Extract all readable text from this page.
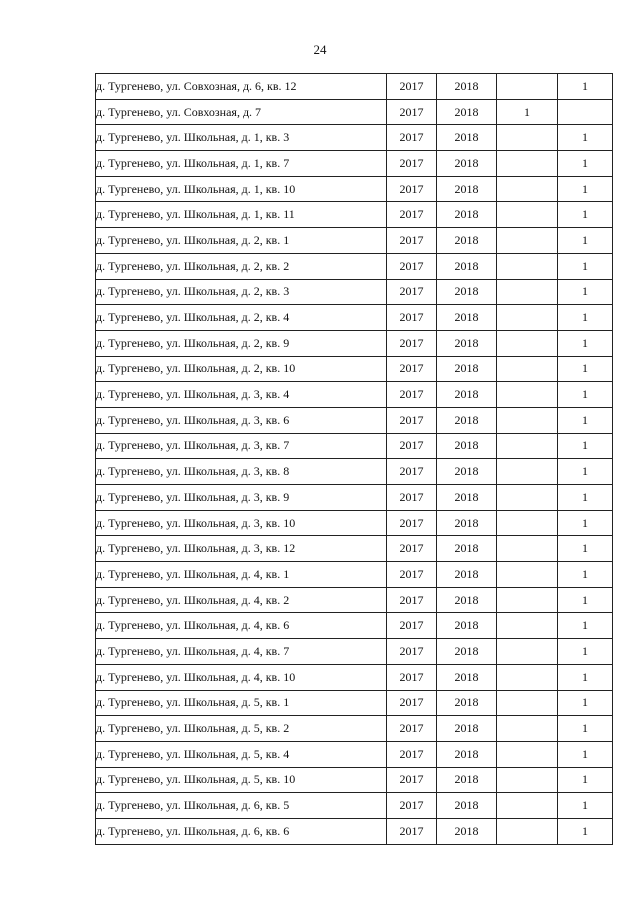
24
д. Тургенево, ул. Совхозная, д. 6, кв. 12	2017	2018		1
д. Тургенево, ул. Совхозная, д. 7	2017	2018	1	
д. Тургенево, ул. Школьная, д. 1, кв. 3	2017	2018		1
д. Тургенево, ул. Школьная, д. 1, кв. 7	2017	2018		1
д. Тургенево, ул. Школьная, д. 1, кв. 10	2017	2018		1
д. Тургенево, ул. Школьная, д. 1, кв. 11	2017	2018		1
д. Тургенево, ул. Школьная, д. 2, кв. 1	2017	2018		1
д. Тургенево, ул. Школьная, д. 2, кв. 2	2017	2018		1
д. Тургенево, ул. Школьная, д. 2, кв. 3	2017	2018		1
д. Тургенево, ул. Школьная, д. 2, кв. 4	2017	2018		1
д. Тургенево, ул. Школьная, д. 2, кв. 9	2017	2018		1
д. Тургенево, ул. Школьная, д. 2, кв. 10	2017	2018		1
д. Тургенево, ул. Школьная, д. 3, кв. 4	2017	2018		1
д. Тургенево, ул. Школьная, д. 3, кв. 6	2017	2018		1
д. Тургенево, ул. Школьная, д. 3, кв. 7	2017	2018		1
д. Тургенево, ул. Школьная, д. 3, кв. 8	2017	2018		1
д. Тургенево, ул. Школьная, д. 3, кв. 9	2017	2018		1
д. Тургенево, ул. Школьная, д. 3, кв. 10	2017	2018		1
д. Тургенево, ул. Школьная, д. 3, кв. 12	2017	2018		1
д. Тургенево, ул. Школьная, д. 4, кв. 1	2017	2018		1
д. Тургенево, ул. Школьная, д. 4, кв. 2	2017	2018		1
д. Тургенево, ул. Школьная, д. 4, кв. 6	2017	2018		1
д. Тургенево, ул. Школьная, д. 4, кв. 7	2017	2018		1
д. Тургенево, ул. Школьная, д. 4, кв. 10	2017	2018		1
д. Тургенево, ул. Школьная, д. 5, кв. 1	2017	2018		1
д. Тургенево, ул. Школьная, д. 5, кв. 2	2017	2018		1
д. Тургенево, ул. Школьная, д. 5, кв. 4	2017	2018		1
д. Тургенево, ул. Школьная, д. 5, кв. 10	2017	2018		1
д. Тургенево, ул. Школьная, д. 6, кв. 5	2017	2018		1
д. Тургенево, ул. Школьная, д. 6, кв. 6	2017	2018		1
